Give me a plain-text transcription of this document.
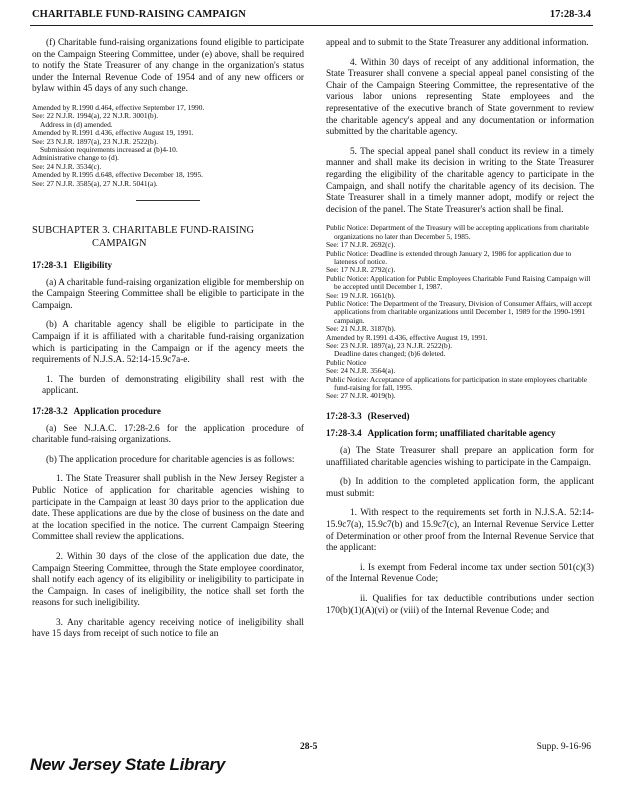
CHARITABLE FUND-RAISING CAMPAIGN	17:28-3.4

(f) Charitable fund-raising organizations found eligible to participate on the Campaign Steering Committee, under (e) above, shall be required to notify the State Treasurer of any change in the organization's status under the Internal Revenue Code of 1954 and of any new officers or bylaw within 45 days of any such change.

Amended by R.1990 d.464, effective September 17, 1990.
See: 22 N.J.R. 1994(a), 22 N.J.R. 3001(b).
Address in (d) amended.
Amended by R.1991 d.436, effective August 19, 1991.
See: 23 N.J.R. 1897(a), 23 N.J.R. 2522(b).
Submission requirements increased at (b)4-10.
Administrative change to (d).
See: 24 N.J.R. 3534(c).
Amended by R.1995 d.648, effective December 18, 1995.
See: 27 N.J.R. 3585(a), 27 N.J.R. 5041(a).
SUBCHAPTER 3. CHARITABLE FUND-RAISING
CAMPAIGN
17:28-3.1 Eligibility

(a) A charitable fund-raising organization eligible for membership on the Campaign Steering Committee shall be eligible to participate in the Campaign.

(b) A charitable agency shall be eligible to participate in the Campaign if it is affiliated with a charitable fund-raising organization which is participating in the Campaign or if the agency meets the requirements of N.J.S.A. 52:14-15.9c7a-e.

1. The burden of demonstrating eligibility shall rest with the applicant.

17:28-3.2 Application procedure

(a) See N.J.A.C. 17:28-2.6 for the application procedure of charitable fund-raising organizations.

(b) The application procedure for charitable agencies is as follows:

1. The State Treasurer shall publish in the New Jersey Register a Public Notice of application for charitable agencies wishing to participate in the Campaign at least 30 days prior to the application due date. These applications are due by the close of business on the date and at the location specified in the notice. The current Campaign Steering Committee shall review the applications.

2. Within 30 days of the close of the application due date, the Campaign Steering Committee, through the State employee coordinator, shall notify each agency of its eligibility or ineligibility to participate in the Campaign. In cases of ineligibility, the notice shall set forth the reasons for such ineligibility.

3. Any charitable agency receiving notice of ineligibility shall have 15 days from receipt of such notice to file an

appeal and to submit to the State Treasurer any additional information.

4. Within 30 days of receipt of any additional information, the State Treasurer shall convene a special appeal panel consisting of the Chair of the Campaign Steering Committee, the representative of the various labor unions representing State employees and the representative of the executive branch of State government to review the charitable agency's appeal and any documentation or information submitted by the charitable agency.

5. The special appeal panel shall conduct its review in a timely manner and shall make its decision in writing to the State Treasurer regarding the eligibility of the charitable agency to participate in the Campaign, and shall notify the charitable agency of its decision. The State Treasurer shall in a timely manner adopt, modify or reject the decision of the panel. The State Treasurer's action shall be final.

Public Notice: Department of the Treasury will be accepting applications from charitable organizations no later than December 5, 1985.
See: 17 N.J.R. 2692(c).
Public Notice: Deadline is extended through January 2, 1986 for application due to lateness of notice.
See: 17 N.J.R. 2792(c).
Public Notice: Application for Public Employees Charitable Fund Raising Campaign will be accepted until December 1, 1987.
See: 19 N.J.R. 1661(b).
Public Notice: The Department of the Treasury, Division of Consumer Affairs, will accept applications from charitable organizations until December 1, 1989 for the 1990-1991 campaign.
See: 21 N.J.R. 3187(b).
Amended by R.1991 d.436, effective August 19, 1991.
See: 23 N.J.R. 1897(a), 23 N.J.R. 2522(b).
Deadline dates changed; (b)6 deleted.
Public Notice
See: 24 N.J.R. 3564(a).
Public Notice: Acceptance of applications for participation in state employees charitable fund-raising for fall, 1995.
See: 27 N.J.R. 4019(b).
17:28-3.3 (Reserved)
17:28-3.4 Application form; unaffiliated charitable agency

(a) The State Treasurer shall prepare an application form for unaffiliated charitable agencies wishing to participate in the Campaign.

(b) In addition to the completed application form, the applicant must submit:

1. With respect to the requirements set forth in N.J.S.A. 52:14-15.9c7(a), 15.9c7(b) and 15.9c7(c), an Internal Revenue Service Letter of Determination or other proof from the Internal Revenue Service that the applicant:

i. Is exempt from Federal income tax under section 501(c)(3) of the Internal Revenue Code;

ii. Qualifies for tax deductible contributions under section 170(b)(1)(A)(vi) or (viii) of the Internal Revenue Code; and

28-5	Supp. 9-16-96
New Jersey State Library
